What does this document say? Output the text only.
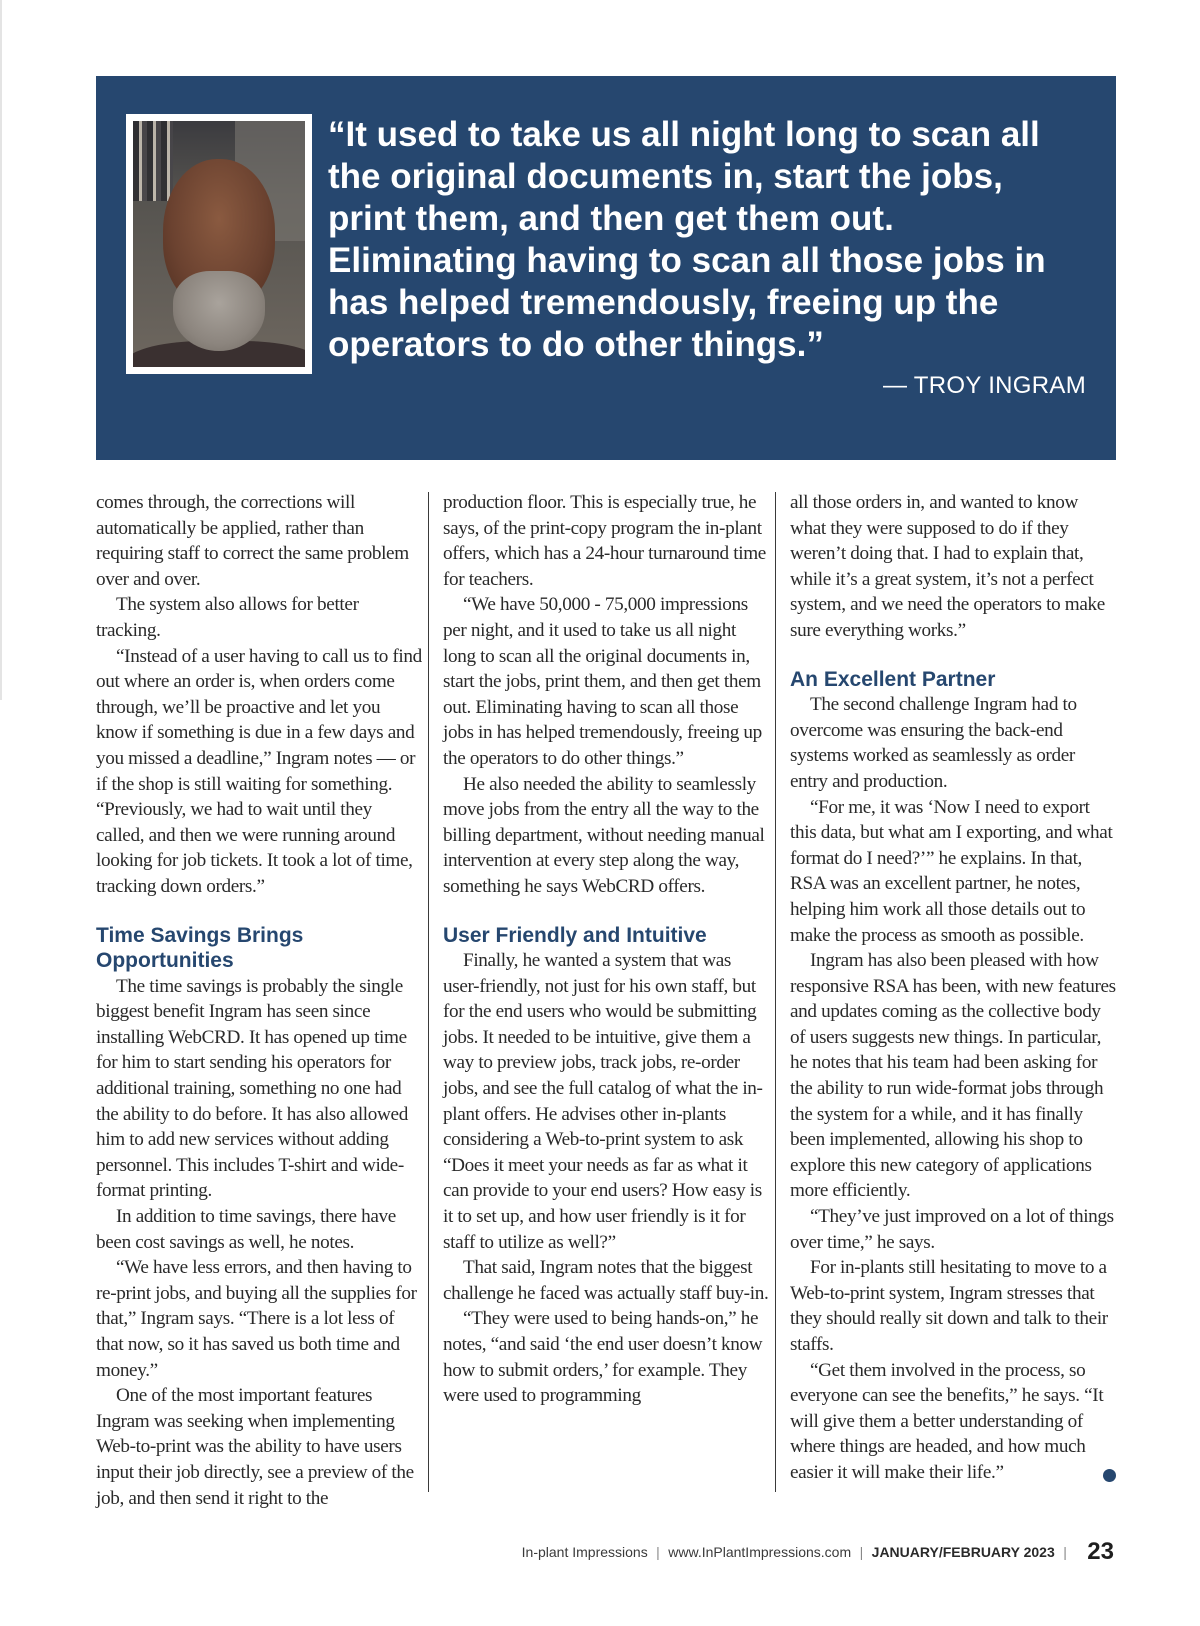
“It used to take us all night long to scan all the original documents in, start the jobs, print them, and then get them out. Eliminating having to scan all those jobs in has helped tremendously, freeing up the operators to do other things.”

— TROY INGRAM

comes through, the corrections will automatically be applied, rather than requiring staff to correct the same problem over and over.

The system also allows for better tracking.

“Instead of a user having to call us to find out where an order is, when orders come through, we’ll be proactive and let you know if something is due in a few days and you missed a deadline,” Ingram notes — or if the shop is still waiting for something. “Previously, we had to wait until they called, and then we were running around looking for job tickets. It took a lot of time, tracking down orders.”

Time Savings Brings Opportunities

The time savings is probably the single biggest benefit Ingram has seen since installing WebCRD. It has opened up time for him to start sending his operators for additional training, something no one had the ability to do before. It has also allowed him to add new services without adding personnel. This includes T-shirt and wide-format printing.

In addition to time savings, there have been cost savings as well, he notes.

“We have less errors, and then having to re-print jobs, and buying all the supplies for that,” Ingram says. “There is a lot less of that now, so it has saved us both time and money.”

One of the most important features Ingram was seeking when implementing Web-to-print was the ability to have users input their job directly, see a preview of the job, and then send it right to the

production floor. This is especially true, he says, of the print-copy program the in-plant offers, which has a 24-hour turnaround time for teachers.

“We have 50,000 - 75,000 impressions per night, and it used to take us all night long to scan all the original documents in, start the jobs, print them, and then get them out. Eliminating having to scan all those jobs in has helped tremendously, freeing up the operators to do other things.”

He also needed the ability to seamlessly move jobs from the entry all the way to the billing department, without needing manual intervention at every step along the way, something he says WebCRD offers.

User Friendly and Intuitive

Finally, he wanted a system that was user-friendly, not just for his own staff, but for the end users who would be submitting jobs. It needed to be intuitive, give them a way to preview jobs, track jobs, re-order jobs, and see the full catalog of what the in-plant offers. He advises other in-plants considering a Web-to-print system to ask “Does it meet your needs as far as what it can provide to your end users? How easy is it to set up, and how user friendly is it for staff to utilize as well?”

That said, Ingram notes that the biggest challenge he faced was actually staff buy-in.

“They were used to being hands-on,” he notes, “and said ‘the end user doesn’t know how to submit orders,’ for example. They were used to programming

all those orders in, and wanted to know what they were supposed to do if they weren’t doing that. I had to explain that, while it’s a great system, it’s not a perfect system, and we need the operators to make sure everything works.”

An Excellent Partner

The second challenge Ingram had to overcome was ensuring the back-end systems worked as seamlessly as order entry and production.

“For me, it was ‘Now I need to export this data, but what am I exporting, and what format do I need?’” he explains. In that, RSA was an excellent partner, he notes, helping him work all those details out to make the process as smooth as possible.

Ingram has also been pleased with how responsive RSA has been, with new features and updates coming as the collective body of users suggests new things. In particular, he notes that his team had been asking for the ability to run wide-format jobs through the system for a while, and it has finally been implemented, allowing his shop to explore this new category of applications more efficiently.

“They’ve just improved on a lot of things over time,” he says.

For in-plants still hesitating to move to a Web-to-print system, Ingram stresses that they should really sit down and talk to their staffs.

“Get them involved in the process, so everyone can see the benefits,” he says. “It will give them a better understanding of where things are headed, and how much easier it will make their life.”

In-plant Impressions | www.InPlantImpressions.com | JANUARY/FEBRUARY 2023 | 23
